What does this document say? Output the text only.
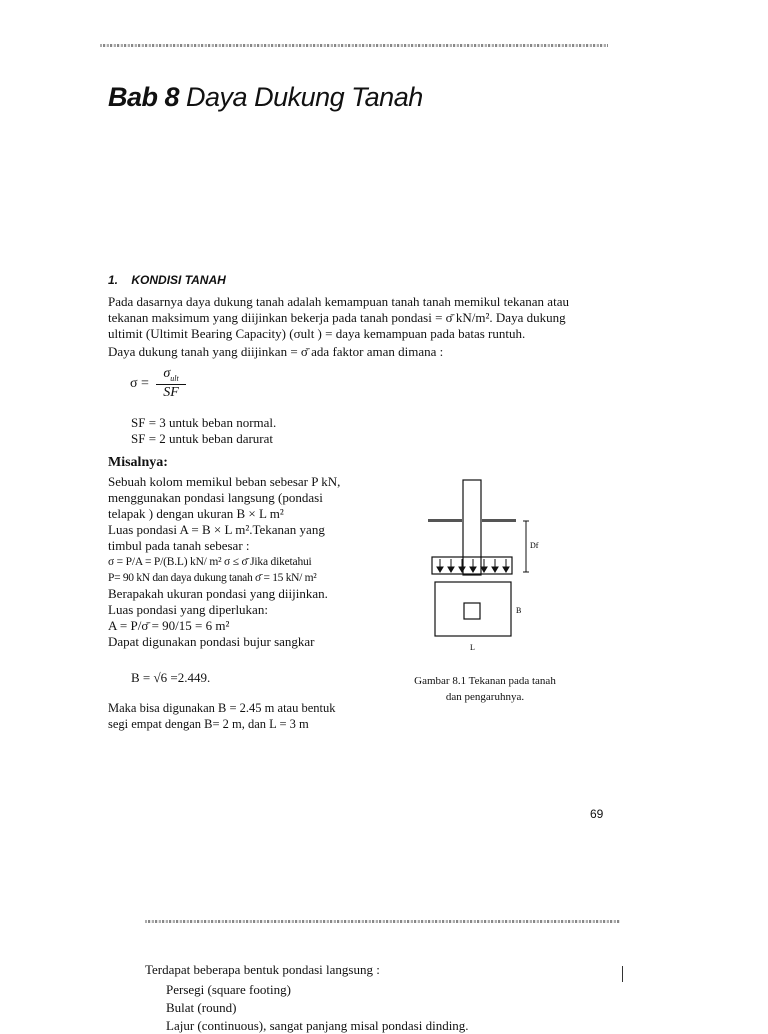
Bab 8 Daya Dukung Tanah
1. KONDISI TANAH
Pada dasarnya daya dukung tanah adalah kemampuan tanah tanah memikul tekanan atau
tekanan maksimum yang diijinkan bekerja pada tanah pondasi = σ̄ kN/m². Daya dukung
ultimit (Ultimit Bearing Capacity) (σult ) = daya kemampuan pada batas runtuh.
Daya dukung tanah yang diijinkan = σ̄ ada faktor aman dimana :
σ =
$\sigma_{ult}$
SF
SF = 3 untuk beban normal.
SF = 2 untuk beban darurat
Misalnya:
Sebuah kolom memikul beban sebesar P kN,
menggunakan pondasi langsung (pondasi
telapak ) dengan ukuran B × L m²
Luas pondasi A = B × L m².Tekanan yang
timbul pada tanah sebesar :
σ = P/A = P/(B.L) kN/ m² σ ≤ σ̄ Jika diketahui
P= 90 kN dan daya dukung tanah σ̄ = 15 kN/ m²
Berapakah ukuran pondasi yang diijinkan.
Luas pondasi yang diperlukan:
A = P/σ̄ = 90/15 = 6 m²
Dapat digunakan pondasi bujur sangkar
B = √6 =2.449.
Maka bisa digunakan B = 2.45 m atau bentuk
segi empat dengan B= 2 m, dan L = 3 m
Df
B
L
Gambar 8.1 Tekanan pada tanah
dan pengaruhnya.
69
Terdapat beberapa bentuk pondasi langsung :
Persegi (square footing)
Bulat (round)
Lajur (continuous), sangat panjang misal pondasi dinding.
